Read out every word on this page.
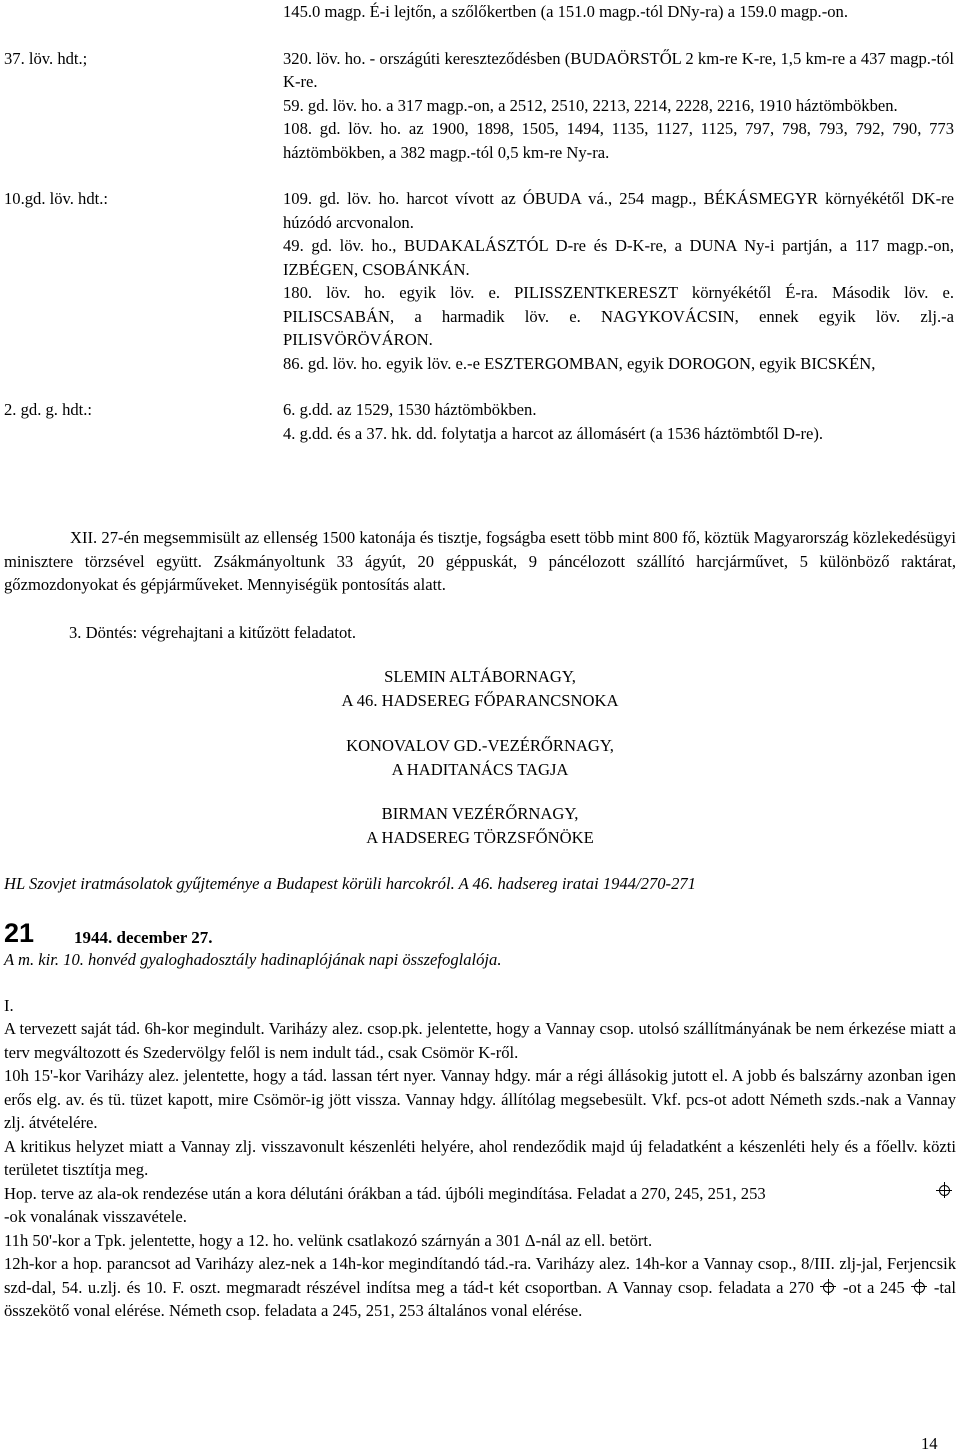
145.0 magp. É-i lejtőn, a szőlőkertben (a 151.0 magp.-tól DNy-ra) a 159.0 magp.-on.

37. löv. hdt.;	320. löv. ho. - országúti kereszteződésben (BUDAÖRSTŐL 2 km-re K-re, 1,5 km-re a 437 magp.-tól K-re.

59. gd. löv. ho. a 317 magp.-on, a 2512, 2510, 2213, 2214, 2228, 2216, 1910 háztömbökben.

108. gd. löv. ho. az 1900, 1898, 1505, 1494, 1135, 1127, 1125, 797, 798, 793, 792, 790, 773 háztömbökben, a 382 magp.-tól 0,5 km-re Ny-ra.

10.gd. löv. hdt.:	109. gd. löv. ho. harcot vívott az ÓBUDA vá., 254 magp., BÉKÁSMEGYR környékétől DK-re húzódó arcvonalon.

49. gd. löv. ho., BUDAKALÁSZTÓL D-re és D-K-re, a DUNA Ny-i partján, a 117 magp.-on, IZBÉGEN, CSOBÁNKÁN.

180. löv. ho. egyik löv. e. PILISSZENTKERESZT környékétől É-ra. Második löv. e. PILISCSABÁN, a harmadik löv. e. NAGYKOVÁCSIN, ennek egyik löv. zlj.-a PILISVÖRÖVÁRON.

86. gd. löv. ho. egyik löv. e.-e ESZTERGOMBAN, egyik DOROGON, egyik BICSKÉN,

2. gd. g. hdt.:	6. g.dd. az 1529, 1530 háztömbökben.

4. g.dd. és a 37. hk. dd. folytatja a harcot az állomásért (a 1536 háztömbtől D-re).

XII. 27-én megsemmisült az ellenség 1500 katonája és tisztje, fogságba esett több mint 800 fő, köztük Magyarország közlekedésügyi minisztere törzsével együtt. Zsákmányoltunk 33 ágyút, 20 géppuskát, 9 páncélozott szállító harcjárművet, 5 különböző raktárat, gőzmozdonyokat és gépjárműveket. Mennyiségük pontosítás alatt.

3. Döntés: végrehajtani a kitűzött feladatot.

SLEMIN ALTÁBORNAGY,
A 46. HADSEREG FŐPARANCSNOKA
KONOVALOV GD.-VEZÉRŐRNAGY,
A HADITANÁCS TAGJA
BIRMAN VEZÉRŐRNAGY,
A HADSEREG TÖRZSFŐNÖKE

HL Szovjet iratmásolatok gyűjteménye a Budapest körüli harcokról. A 46. hadsereg iratai 1944/270-271

21 1944. december 27.

A m. kir. 10. honvéd gyaloghadosztály hadinaplójának napi összefoglalója.

I.

A tervezett saját tád. 6h-kor megindult. Variházy alez. csop.pk. jelentette, hogy a Vannay csop. utolsó szállítmányának be nem érkezése miatt a terv megváltozott és Szedervölgy felől is nem indult tád., csak Csömör K-ről.

10h 15'-kor Variházy alez. jelentette, hogy a tád. lassan tért nyer. Vannay hdgy. már a régi állásokig jutott el. A jobb és balszárny azonban igen erős elg. av. és tü. tüzet kapott, mire Csömör-ig jött vissza. Vannay hdgy. állítólag megsebesült. Vkf. pcs-ot adott Németh szds.-nak a Vannay zlj. átvételére.

A kritikus helyzet miatt a Vannay zlj. visszavonult készenléti helyére, ahol rendeződik majd új feladatként a készenléti hely és a főellv. közti területet tisztítja meg.

Hop. terve az ala-ok rendezése után a kora délutáni órákban a tád. újbóli megindítása. Feladat a 270, 245, 251, 253

-ok vonalának visszavétele.

11h 50'-kor a Tpk. jelentette, hogy a 12. ho. velünk csatlakozó szárnyán a 301 Δ-nál az ell. betört.

12h-kor a hop. parancsot ad Variházy alez-nek a 14h-kor megindítandó tád.-ra. Variházy alez. 14h-kor a Vannay csop., 8/III. zlj-jal, Ferjencsik szd-dal, 54. u.zlj. és 10. F. oszt. megmaradt részével indítsa meg a tád-t két csoportban. A Vannay csop. feladata a 270 -ot a 245 -tal összekötő vonal elérése. Németh csop. feladata a 245, 251, 253 általános vonal elérése.

14
